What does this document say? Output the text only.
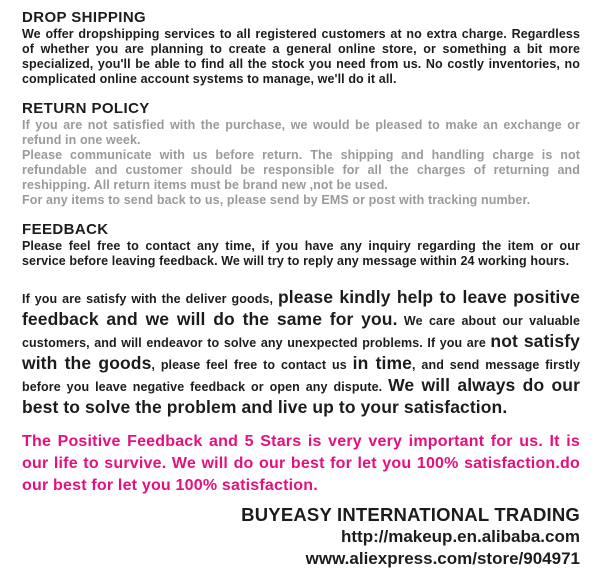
DROP SHIPPING

We offer dropshipping services to all registered customers at no extra charge. Regardless of whether you are planning to create a general online store, or something a bit more specialized, you'll be able to find all the stock you need from us. No costly inventories, no complicated online account systems to manage, we'll do it all.

RETURN POLICY

If you are not satisfied with the purchase, we would be pleased to make an exchange or refund in one week.

Please communicate with us before return. The shipping and handling charge is not refundable and customer should be responsible for all the charges of returning and reshipping. All return items must be brand new ,not be used.

For any items to send back to us, please send by EMS or post with tracking number.

FEEDBACK

Please feel free to contact any time, if you have any inquiry regarding the item or our service before leaving feedback. We will try to reply any message within 24 working hours.

If you are satisfy with the deliver goods, please kindly help to leave positive feedback and we will do the same for you. We care about our valuable customers, and will endeavor to solve any unexpected problems. If you are not satisfy with the goods, please feel free to contact us in time, and send message firstly before you leave negative feedback or open any dispute. We will always do our best to solve the problem and live up to your satisfaction.

The Positive Feedback and 5 Stars is very very important for us. It is our life to survive. We will do our best for let you 100% satisfaction.do our best for let you 100% satisfaction.

BUYEASY INTERNATIONAL TRADING
http://makeup.en.alibaba.com
www.aliexpress.com/store/904971
